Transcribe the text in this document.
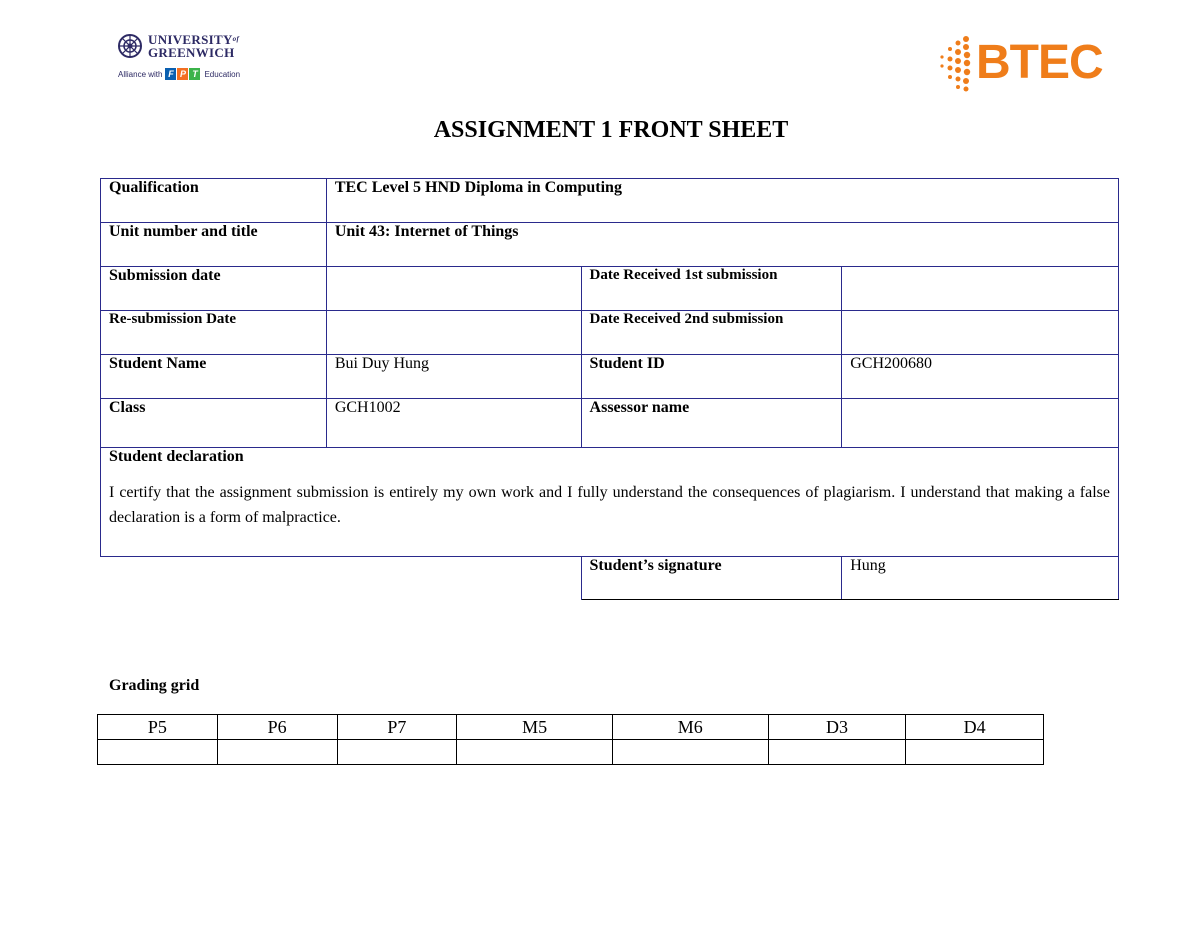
$UNIVERSITY^{of}$
GREENWICH
Alliance with F P T Education	BTEC
ASSIGNMENT 1 FRONT SHEET
Qualification	TEC Level 5 HND Diploma in Computing		
Unit number and title	Unit 43: Internet of Things		
Submission date		Date Received 1st submission	
Re-submission Date		Date Received 2nd submission	
Student Name	Bui Duy Hung	Student ID	GCH200680
Class	GCH1002	Assessor name	

Student declaration
I certify that the assignment submission is entirely my own work and I fully understand the consequences of plagiarism. I understand that making a false declaration is a form of malpractice.			

		Student’s signature	Hung
Grading grid
P5	P6	P7	M5	M6	D3	D4
